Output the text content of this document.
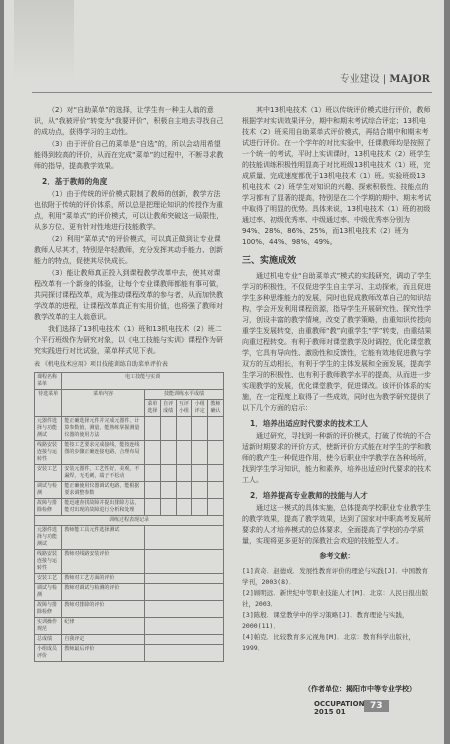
专业建设 | MAJOR

（2）对“自助菜单”的选择，让学生有一种主人翁的意识，从“我被评价”转变为“我要评价”，积极自主地去寻找自己的成功点，获得学习的主动性。

（3）由于评价自己的菜单是“自选”的，所以会动用希望能得到较高的评价，从而在完成“菜单”的过程中，不断寻求教师的指导，提高教学效果。

2．基于教师的角度

（1）由于传统的评价模式限制了教师的创新，教学方法也依附于传统的评价体系，所以总是把理论知识的传授作为重点，利用“菜单式”的评价模式，可以让教师突破这一局限性，从多方位、更有针对性地进行技能教学。

（2）利用“菜单式”的评价模式，可以真正做到让专业课教师人尽其才，特别是年轻教师，充分发挥其动手能力、创新能力的特点，促使其尽快成长。

（3）能让教师真正投入到课程教学改革中去，使其对课程改革有一个新身的体验，让每个专业课教师都能有事可做，共同探讨课程改革，成为推动课程改革的参与者，从而加快教学改革的进程，让课程改革真正有实用价值，也将强了教师对教学改革的主人翁意识。

我们选择了13机电技术（1）班和13机电技术（2）班二个平行班级作为研究对象，以《电工技能与实训》课程作为研究实践进行对比试验，菜单样式见下表。

表 《机电技术应用》项目技能训练自助菜单评价表
课程名称菜单	电工技能与实训					
待选菜单	菜单内容	技能训练水平成绩				
		菜单选择	自评成绩	互评小组	小组评定	教师确认
元器件选择与功能测试	能正确选择元件并完成元器件，计算参数值，测量，能熟练掌握测量仪器的使用方法					
线路安装连接与运转性	能按工艺要求完成接线，能按连线图的步骤正确连接电路，合理布局					
安装工艺	安装元器件，工艺性好，美观，不漏焊，无毛刺，端子不松动					
调试与检测	能正确使用仪器调试电路，能根据要求调整参数					
故障与排除检修	能迅速查找故障并提出排除方法，能对出现的故障进行分析和处理					
训练过程表现记录						
元器件选择与功能测试	教师能工具元件选择测试					
线路安装连接与运转性	教师对线路安装评价					
安装工艺	教师对工艺方面的评价					
调试与检测	教师对调试与检测的评价					
故障与排除检修	教师对排除的评价					
实训操作规范	纪律					
总成绩	自我评定					
小组成员评价	教师最后评价					

其中13机电技术（1）班以传统评价模式进行评价，教师根据学对实训效果评分，期中和期末考试综合评定；13机电技术（2）班采用自助菜单式评价模式，再结合期中和期末考试进行评价。在一个学年的对比实验中，任课教师均是按照了一个统一的考试，平时上实训课时，13机电技术（2）班学生的技能训练积极性明显高于对比班级13机电技术（1）班，完成质量、完成速度都优于13机电技术（1）班。实验班级13机电技术（2）班学生对知识的兴趣、探索积极性、技能点的学习都有了显著的提高，特别是在二个学期的期中、期末考试中取得了明显的优势。具体来说，13机电技术（1）班的初级通过率、初级优秀率、中级通过率、中级优秀率分别为94%、28%、86%、25%，而13机电技术（2）班为100%、44%、98%、49%。

三、实施成效

通过机电专业“自助菜单式”模式的实践研究，调动了学生学习的积极性，不仅促进学生自主学习、主动探索，而且促进学生多种思维能力的发展，同时也促成教师改革自己的知识结构，学会开发利用课程资源，指导学生开展研究性、探究性学习，创设丰富的教学情境，改变了教学策略，由重知识传授向重学生发展转变，由重教师“教”向重学生“学”转变，由重结果向重过程转变。有利于教师对课堂教学及时调控，优化课堂教学，它具有导向性、激励性和反馈性，它能有效地促进教与学双方的互动相长，有利于学生的主体发展和全面发展，提高学生学习的积极性、也有利于教师教学水平的提高，从而进一步实现教学的发展，优化课堂教学，促进课改。该评价体系的实施，在一定程度上取得了一些成效，同时也为教学研究提供了以下几个方面的启示：

1．培养出适应时代要求的技术工人

通过研究，寻找到一种新的评价模式，打破了传统的不合适新时期要求的评价方式，使新评价方式能在对学生的学和教师的教产生一种促进作用，使今后职业中学教学在各种场所，找到学生学习知识，能力和素养，培养出适应时代要求的技术工人。

2．培养提高专业教师的技能与人才

通过这一模式的具体实施，总体提高学校职业专业教学生的教学效果，提高了教学效果，达到了国家对中职高考发展所要求的人才培养模式的总体要求，全面提高了学校的办学质量，实现将更多更好的深教社会欢迎的技能型人才。

参考文献：
[1]黄奇．赵德成．发展性教育评价的理论与实践[J]．中国教育学刊，2003(8)．
[2]顾明远．新世纪中等职业技能人才[M]．北京：人民日报出版社，2003．
[3]陈殷．课堂教学中的学习策略[J]．教育理论与实践，2000(11)．
[4]帕克．比较教育多元视角[M]．北京：教育科学出版社，1999．
（作者单位：揭阳市中等专业学校）
OCCUPATION
2015 01
73
